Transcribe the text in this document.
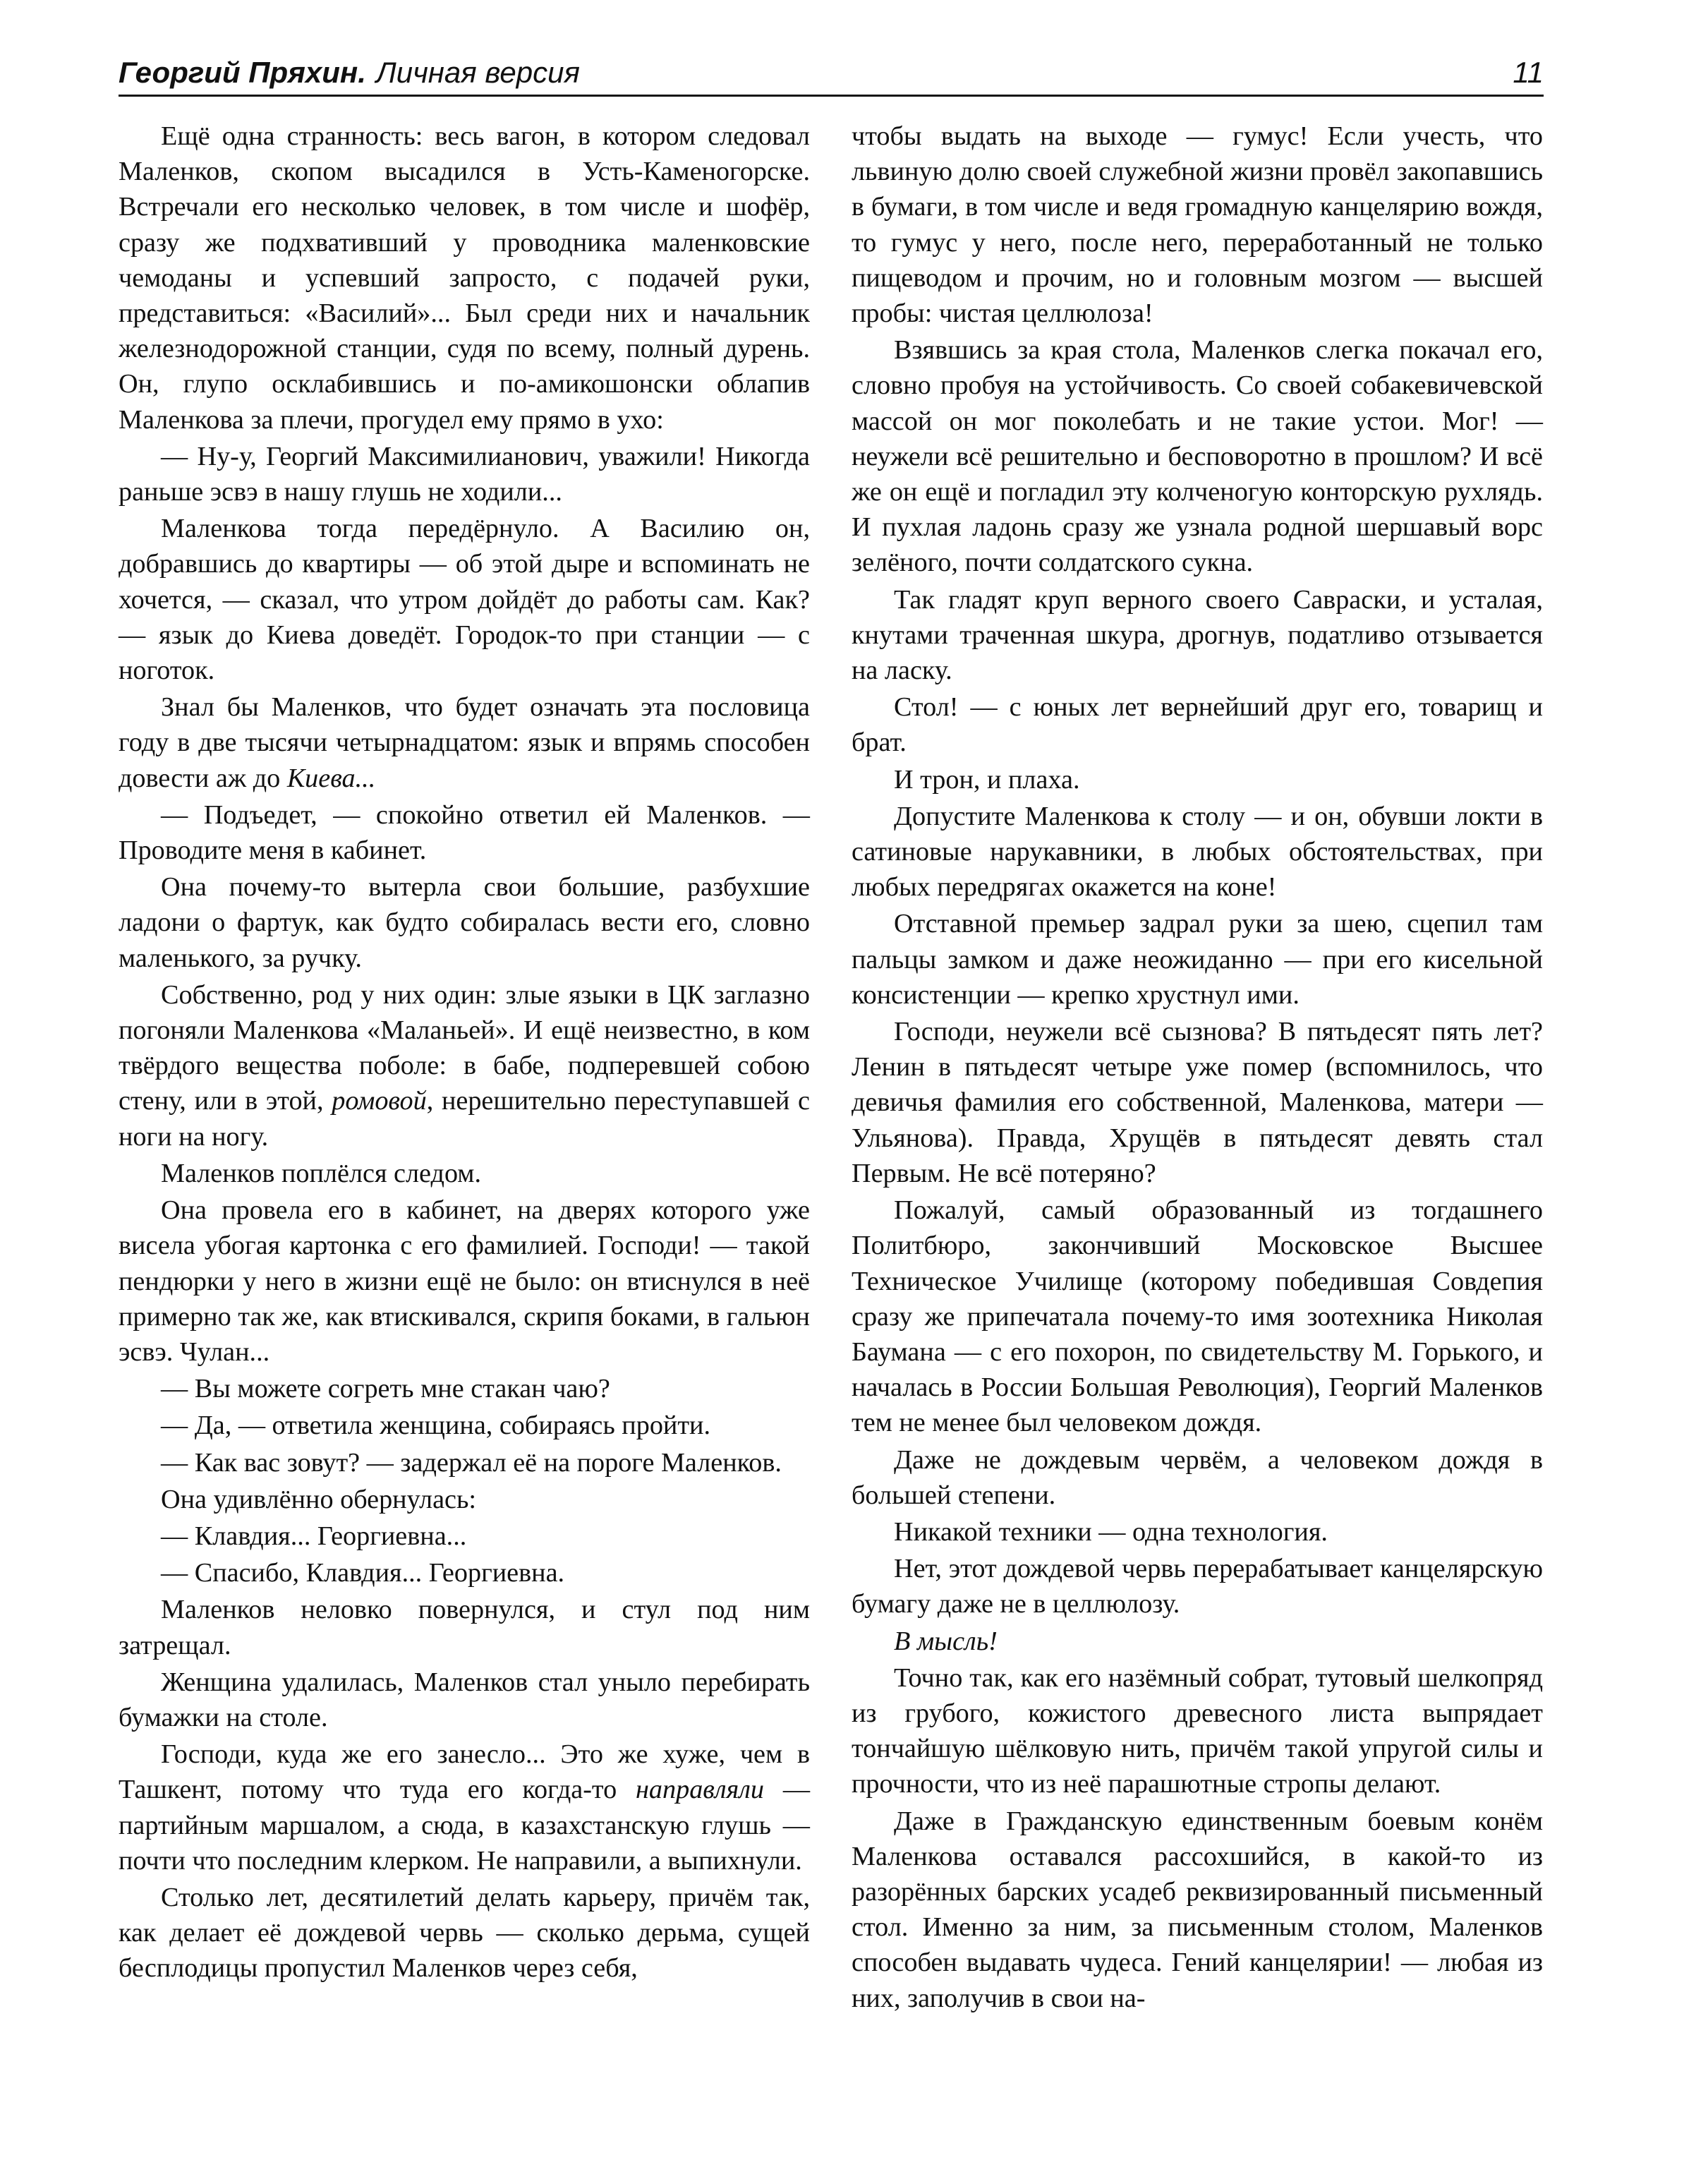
Георгий Пряхин. Личная версия	11

Ещё одна странность: весь вагон, в котором следовал Маленков, скопом высадился в Усть-Каменогорске. Встречали его несколько человек, в том числе и шофёр, сразу же подхвативший у проводника маленковские чемоданы и успевший запросто, с подачей руки, представиться: «Василий»... Был среди них и начальник железнодорожной станции, судя по всему, полный дурень. Он, глупо осклабившись и по-амикошонски облапив Маленкова за плечи, прогудел ему прямо в ухо:

— Ну-у, Георгий Максимилианович, уважили! Никогда раньше эсвэ в нашу глушь не ходили...

Маленкова тогда передёрнуло. А Василию он, добравшись до квартиры — об этой дыре и вспоминать не хочется, — сказал, что утром дойдёт до работы сам. Как? — язык до Киева доведёт. Городок-то при станции — с ноготок.

Знал бы Маленков, что будет означать эта пословица году в две тысячи четырнадцатом: язык и впрямь способен довести аж до Киева...

— Подъедет, — спокойно ответил ей Маленков. — Проводите меня в кабинет.

Она почему-то вытерла свои большие, разбухшие ладони о фартук, как будто собиралась вести его, словно маленького, за ручку.

Собственно, род у них один: злые языки в ЦК заглазно погоняли Маленкова «Маланьей». И ещё неизвестно, в ком твёрдого вещества поболе: в бабе, подперевшей собою стену, или в этой, ромовой, нерешительно переступавшей с ноги на ногу.

Маленков поплёлся следом.

Она провела его в кабинет, на дверях которого уже висела убогая картонка с его фамилией. Господи! — такой пендюрки у него в жизни ещё не было: он втиснулся в неё примерно так же, как втискивался, скрипя боками, в гальюн эсвэ. Чулан...

— Вы можете согреть мне стакан чаю?

— Да, — ответила женщина, собираясь пройти.

— Как вас зовут? — задержал её на пороге Маленков.

Она удивлённо обернулась:

— Клавдия... Георгиевна...

— Спасибо, Клавдия... Георгиевна.

Маленков неловко повернулся, и стул под ним затрещал.

Женщина удалилась, Маленков стал уныло перебирать бумажки на столе.

Господи, куда же его занесло... Это же хуже, чем в Ташкент, потому что туда его когда-то направляли — партийным маршалом, а сюда, в казахстанскую глушь — почти что последним клерком. Не направили, а выпихнули.

Столько лет, десятилетий делать карьеру, причём так, как делает её дождевой червь — сколько дерьма, сущей бесплодицы пропустил Маленков через себя,

чтобы выдать на выходе — гумус! Если учесть, что львиную долю своей служебной жизни провёл закопавшись в бумаги, в том числе и ведя громадную канцелярию вождя, то гумус у него, после него, переработанный не только пищеводом и прочим, но и головным мозгом — высшей пробы: чистая целлюлоза!

Взявшись за края стола, Маленков слегка покачал его, словно пробуя на устойчивость. Со своей собакевичевской массой он мог поколебать и не такие устои. Мог! — неужели всё решительно и бесповоротно в прошлом? И всё же он ещё и погладил эту колченогую конторскую рухлядь. И пухлая ладонь сразу же узнала родной шершавый ворс зелёного, почти солдатского сукна.

Так гладят круп верного своего Савраски, и усталая, кнутами траченная шкура, дрогнув, податливо отзывается на ласку.

Стол! — с юных лет вернейший друг его, товарищ и брат.

И трон, и плаха.

Допустите Маленкова к столу — и он, обувши локти в сатиновые нарукавники, в любых обстоятельствах, при любых передрягах окажется на коне!

Отставной премьер задрал руки за шею, сцепил там пальцы замком и даже неожиданно — при его кисельной консистенции — крепко хрустнул ими.

Господи, неужели всё сызнова? В пятьдесят пять лет? Ленин в пятьдесят четыре уже помер (вспомнилось, что девичья фамилия его собственной, Маленкова, матери — Ульянова). Правда, Хрущёв в пятьдесят девять стал Первым. Не всё потеряно?

Пожалуй, самый образованный из тогдашнего Политбюро, закончивший Московское Высшее Техническое Училище (которому победившая Совдепия сразу же припечатала почему-то имя зоотехника Николая Баумана — с его похорон, по свидетельству М. Горького, и началась в России Большая Революция), Георгий Маленков тем не менее был человеком дождя.

Даже не дождевым червём, а человеком дождя в большей степени.

Никакой техники — одна технология.

Нет, этот дождевой червь перерабатывает канцелярскую бумагу даже не в целлюлозу.

В мысль!

Точно так, как его назёмный собрат, тутовый шелкопряд из грубого, кожистого древесного листа выпрядает тончайшую шёлковую нить, причём такой упругой силы и прочности, что из неё парашютные стропы делают.

Даже в Гражданскую единственным боевым конём Маленкова оставался рассохшийся, в какой-то из разорённых барских усадеб реквизированный письменный стол. Именно за ним, за письменным столом, Маленков способен выдавать чудеса. Гений канцелярии! — любая из них, заполучив в свои на-
